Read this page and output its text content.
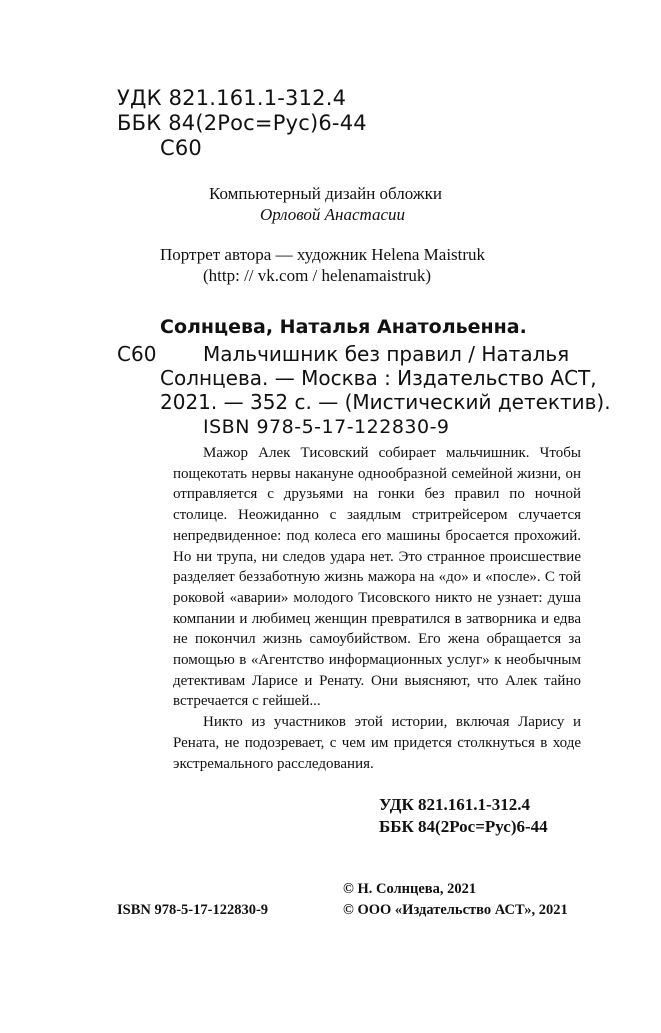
УДК 821.161.1-312.4
ББК 84(2Рос=Рус)6-44
С60
Компьютерный дизайн обложки
Орловой Анастасии
Портрет автора — художник Helena Maistruk
(http: // vk.com / helenamaistruk)
Солнцева, Наталья Анатольенна.
С60 Мальчишник без правил / Наталья
Солнцева. — Москва : Издательство АСТ,
2021. — 352 с. — (Мистический детектив).
ISBN 978-5-17-122830-9

Мажор Алек Тисовский собирает мальчишник. Чтобы пощекотать нервы накануне однообразной семейной жизни, он отправляется с друзьями на гонки без правил по ночной столице. Неожиданно с заядлым стритрейсером случается непредвиденное: под колеса его машины бросается прохожий. Но ни трупа, ни следов удара нет. Это странное происшествие разделяет беззаботную жизнь мажора на «до» и «после». С той роковой «аварии» молодого Тисовского никто не узнает: душа компании и любимец женщин превратился в затворника и едва не покончил жизнь самоубийством. Его жена обращается за помощью в «Агентство информационных услуг» к необычным детективам Ларисе и Ренату. Они выясняют, что Алек тайно встречается с гейшей...

Никто из участников этой истории, включая Ларису и Рената, не подозревает, с чем им придется столкнуться в ходе экстремального расследования.

УДК 821.161.1-312.4
ББК 84(2Рос=Рус)6-44
ISBN 978-5-17-122830-9
© Н. Солнцева, 2021
© ООО «Издательство АСТ», 2021
